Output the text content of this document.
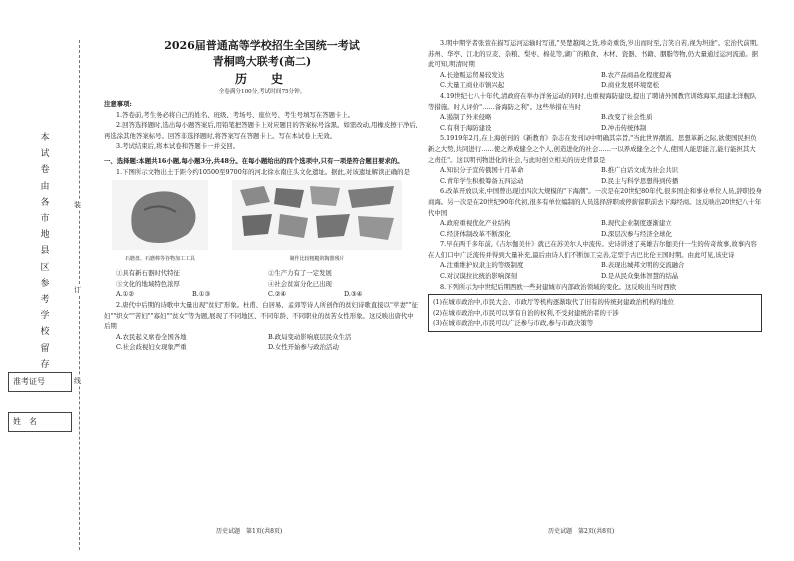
本
试
卷
由
各
市
地
县
区
参
考
学
校
留
存
装
订
线
准考证号
姓　名

2026届普通高等学校招生全国统一考试

青桐鸣大联考(高二)

历　史

全卷满分100分,考试时间75分钟。

注意事项:

1.答卷前,考生务必将自己的姓名、班级、考场号、座位号、考生号填写在答题卡上。

2.回答选择题时,选出每小题答案后,用铅笔把答题卡上对应题目的答案标号涂黑。如需改动,用橡皮擦干净后,再选涂其他答案标号。回答非选择题时,将答案写在答题卡上。写在本试卷上无效。

3.考试结束后,将本试卷和答题卡一并交回。

一、选择题:本题共16小题,每小题3分,共48分。在每小题给出的四个选项中,只有一项是符合题目要求的。

1.下图所示文物出土于距今约10500至9700年的河北徐水南庄头文化遗址。据此,对该遗址解读正确的是

石磨盘、石磨棒等谷物加工工具	制作比较粗糙的陶器残片
①具有新石器时代特征	②生产力有了一定发展
③文化的地域特色浓厚	④社会贫富分化已出现
A.①②	B.①③	C.②④	D.③④

2.唐代中后期的诗歌中大量出现"贫妇"形象。杜甫、白居易、孟郊等诗人所创作的贫妇诗歌直接以"苹妻""征妇""织女""苦妇""寡妇""贫女"等为题,展现了不同地区、不同年龄、不同职业的贫苦女性形象。这反映出唐代中后期

A.农民起义席卷全国各地	B.政局变动影响底层民众生活
C.社会歧视妇女现象严重	D.女性开始参与政治活动

3.明中期学者张萱在描写运河运输时写道,"吴楚越闽之货,珍奇重货,岁出而时至,言笑自若,视为坦途"。宏治代前期,苏州、华亭、江北的豆麦、杂粮、梨枣、棉花等,湖广的粮食、木材、瓷器、书籍、胭脂等物,仍大量通过运河流通。据此可知,明清时期

A.长途贩运贸易较发达	B.农产品商品化程度提高
C.大量工商业市镇兴起	D.商业发展环境宽松

4.19世纪七八十年代,清政府在举办洋务运动的同时,也重视海防建设,提出了聘请外国教官训练海军,组建北洋舰队等措施。时人评价"……备海防之利"。这些举措在当时

A.遏制了外来侵略	B.改变了社会性质
C.有利于海防建设	D.冲击传统体制

5.1919年2月,在上海创刊的《新教育》杂志在发刊词中明确其宗旨,"当此世界潮流、思想革新之际,欲使国民担负新之大势,共同进行……使之养成健全之个人,创造进化的社会……一以养成健全之个人,使国人能思能言,能行能担其大之责任"。这以明刊物进化的社会,与此时创立相关的历史背景是

A.知识分子宣传俄国十月革命	B.推广白话文成为社会共识
C.青年学生积极筹备五四运动	D.民主与科学思想得到传播

6.改革开放以来,中国曾出现过四次大规模的"下海潮"。一次是在20世纪80年代,很多国企和事业单位人员,辞职投身商海。另一次是在20世纪90年代初,很多有单位编制的人员选择辞职或停薪留职前去下海经商。这反映出20世纪八十年代中国

A.政府重视优化产业结构	B.现代企业制度逐渐建立
C.经济体制改革不断深化	D.深层次参与经济全球化

7.早在两千多年前,《吉尔伽美什》就已在苏美尔人中流传。史诗讲述了英雄吉尔伽美什一生的传奇故事,故事内容在人们口中广泛流传并得到大量补充,最后由诗人们不断加工完善,定型于古巴比伦王国时期。由此可见,该史诗

A.注重维护奴隶主的等级制度	B.表现出城邦文明的交流融合
C.对汉谟拉比统治影响深刻	D.是从民众集体智慧的结晶

8.下列所示为中世纪后期西欧一些封建城市内部政治领域的变化。这反映出当时西欧

(1)在城市政治中,市民大会、市政厅等机构逐渐取代了旧有的传统封建政治机构的地位

(2)在城市政治中,市民可以享有自治的权利,不受封建统治者的干涉

(3)在城市政治中,市民可以广泛参与市政,参与市政决策等

历史试题　第1页(共8页)	历史试题　第2页(共8页)
